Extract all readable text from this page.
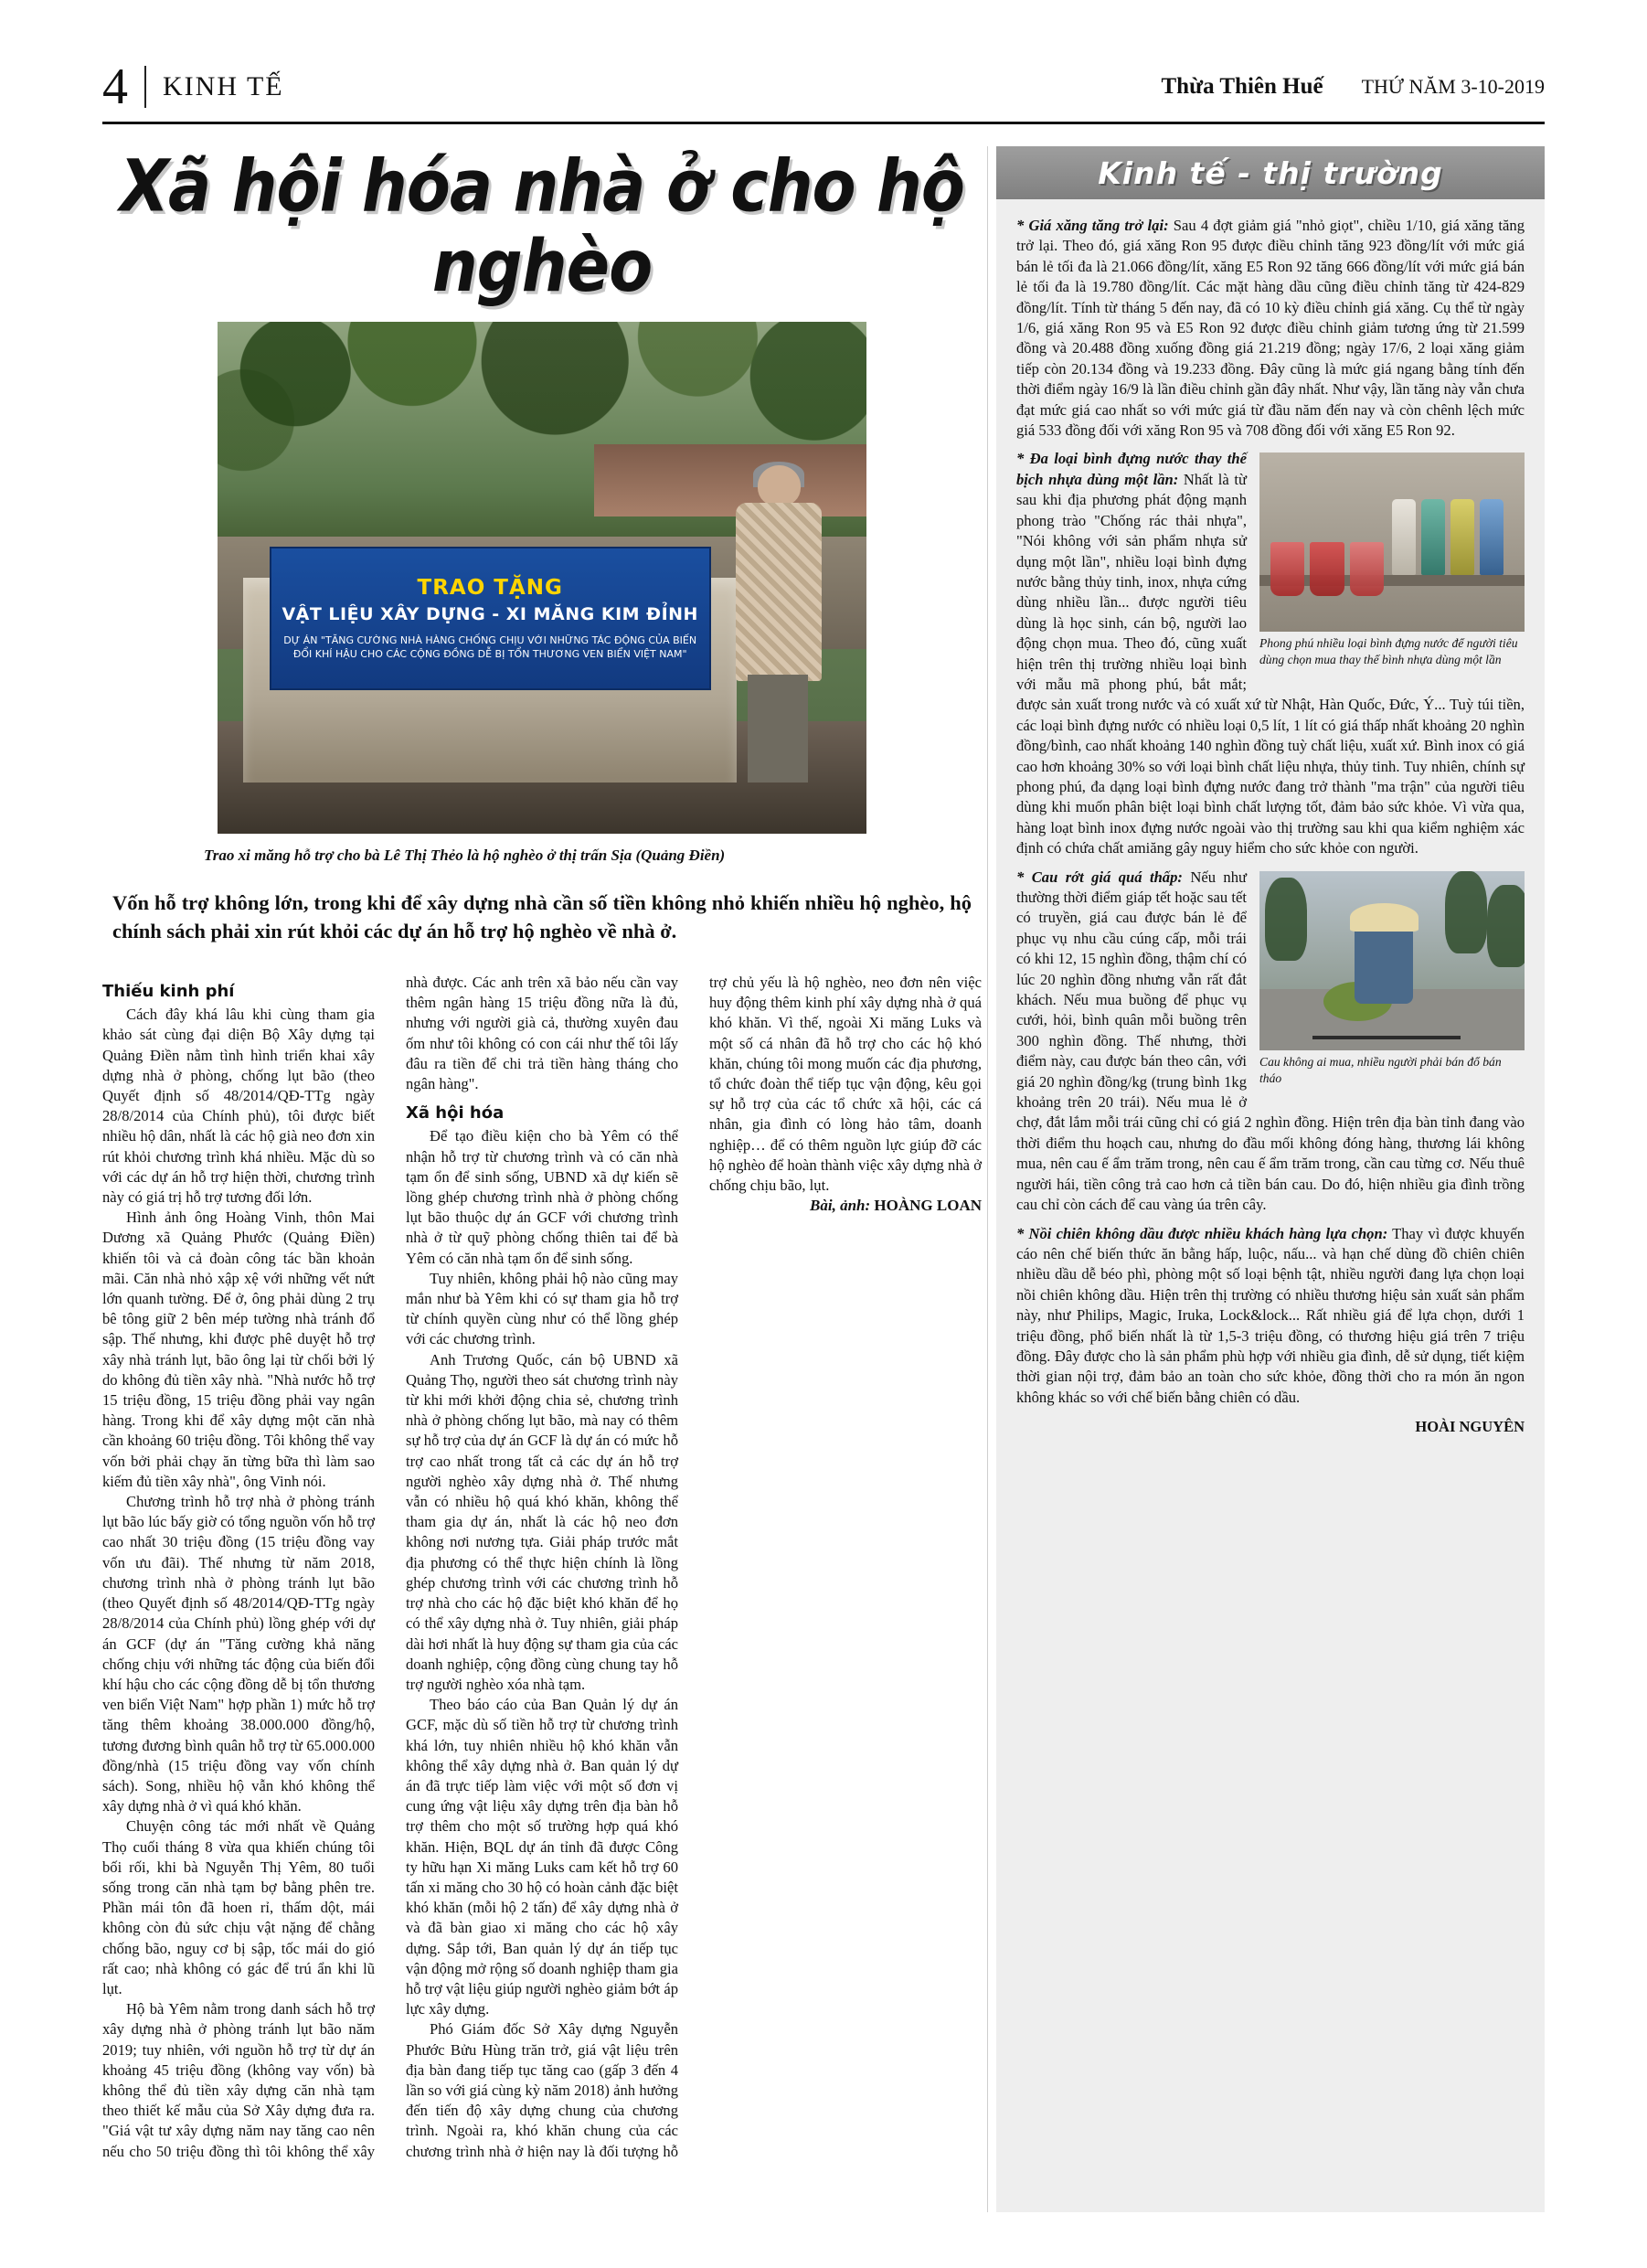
4	KINH TẾ	Thừa Thiên Huế THỨ NĂM 3-10-2019
Xã hội hóa nhà ở cho hộ nghèo
TRAO TẶNG
VẬT LIỆU XÂY DỰNG - XI MĂNG KIM ĐỈNH
DỰ ÁN "TĂNG CƯỜNG NHÀ HÀNG CHỐNG CHỊU VỚI NHỮNG TÁC ĐỘNG CỦA BIẾN ĐỔI KHÍ HẬU CHO CÁC CỘNG ĐỒNG DỄ BỊ TỔN THƯƠNG VEN BIỂN VIỆT NAM"
Trao xi măng hỗ trợ cho bà Lê Thị Thẻo là hộ nghèo ở thị trấn Sịa (Quảng Điền)
Vốn hỗ trợ không lớn, trong khi để xây dựng nhà cần số tiền không nhỏ khiến nhiều hộ nghèo, hộ chính sách phải xin rút khỏi các dự án hỗ trợ hộ nghèo về nhà ở.
Thiếu kinh phí

Cách đây khá lâu khi cùng tham gia khảo sát cùng đại diện Bộ Xây dựng tại Quảng Điền nằm tình hình triển khai xây dựng nhà ở phòng, chống lụt bão (theo Quyết định số 48/2014/QĐ-TTg ngày 28/8/2014 của Chính phủ), tôi được biết nhiều hộ dân, nhất là các hộ già neo đơn xin rút khỏi chương trình khá nhiều. Mặc dù so với các dự án hỗ trợ hiện thời, chương trình này có giá trị hỗ trợ tương đối lớn.

Hình ảnh ông Hoàng Vinh, thôn Mai Dương xã Quảng Phước (Quảng Điền) khiến tôi và cả đoàn công tác bần khoản mãi. Căn nhà nhỏ xập xệ với những vết nứt lớn quanh tường. Để ở, ông phải dùng 2 trụ bê tông giữ 2 bên mép tường nhà tránh đổ sập. Thế nhưng, khi được phê duyệt hỗ trợ xây nhà tránh lụt, bão ông lại từ chối bởi lý do không đủ tiền xây nhà. "Nhà nước hỗ trợ 15 triệu đồng, 15 triệu đồng phải vay ngân hàng. Trong khi để xây dựng một căn nhà cần khoảng 60 triệu đồng. Tôi không thể vay vốn bởi phải chạy ăn từng bữa thì làm sao kiếm đủ tiền xây nhà", ông Vinh nói.

Chương trình hỗ trợ nhà ở phòng tránh lụt bão lúc bấy giờ có tổng nguồn vốn hỗ trợ cao nhất 30 triệu đồng (15 triệu đồng vay vốn ưu đãi). Thế nhưng từ năm 2018, chương trình nhà ở phòng tránh lụt bão (theo Quyết định số 48/2014/QĐ-TTg ngày 28/8/2014 của Chính phủ) lồng ghép với dự án GCF (dự án "Tăng cường khả năng chống chịu với những tác động của biến đổi khí hậu cho các cộng đồng dễ bị tổn thương ven biển Việt Nam" hợp phần 1) mức hỗ trợ tăng thêm khoảng 38.000.000 đồng/hộ, tương đương bình quân hỗ trợ từ 65.000.000 đồng/nhà (15 triệu đồng vay vốn chính sách). Song, nhiều hộ vẫn khó không thể xây dựng nhà ở vì quá khó khăn.

Chuyện công tác mới nhất về Quảng Thọ cuối tháng 8 vừa qua khiến chúng tôi bối rối, khi bà Nguyễn Thị Yêm, 80 tuổi sống trong căn nhà tạm bợ bằng phên tre. Phần mái tôn đã hoen rỉ, thấm dột, mái không còn đủ sức chịu vật nặng để chằng chống bão, nguy cơ bị sập, tốc mái do gió rất cao; nhà không có gác để trú ẩn khi lũ lụt.

Hộ bà Yêm nằm trong danh sách hỗ trợ xây dựng nhà ở phòng tránh lụt bão năm 2019; tuy nhiên, với nguồn hỗ trợ từ dự án khoảng 45 triệu đồng (không vay vốn) bà không thể đủ tiền xây dựng căn nhà tạm theo thiết kế mẫu của Sở Xây dựng đưa ra. "Giá vật tư xây dựng năm nay tăng cao nên nếu cho 50 triệu đồng thì tôi không thể xây nhà được. Các anh trên xã bảo nếu cần vay thêm ngân hàng 15 triệu đồng nữa là đủ, nhưng với người già cả, thường xuyên đau ốm như tôi không có con cái như thế tôi lấy đâu ra tiền để chi trả tiền hàng tháng cho ngân hàng".

Xã hội hóa

Để tạo điều kiện cho bà Yêm có thể nhận hỗ trợ từ chương trình và có căn nhà tạm ổn để sinh sống, UBND xã dự kiến sẽ lồng ghép chương trình nhà ở phòng chống lụt bão thuộc dự án GCF với chương trình nhà ở từ quỹ phòng chống thiên tai để bà Yêm có căn nhà tạm ổn để sinh sống.

Tuy nhiên, không phải hộ nào cũng may mắn như bà Yêm khi có sự tham gia hỗ trợ từ chính quyền cùng như có thể lồng ghép với các chương trình.

Anh Trương Quốc, cán bộ UBND xã Quảng Thọ, người theo sát chương trình này từ khi mới khởi động chia sẻ, chương trình nhà ở phòng chống lụt bão, mà nay có thêm sự hỗ trợ của dự án GCF là dự án có mức hỗ trợ cao nhất trong tất cả các dự án hỗ trợ người nghèo xây dựng nhà ở. Thế nhưng vẫn có nhiều hộ quá khó khăn, không thể tham gia dự án, nhất là các hộ neo đơn không nơi nương tựa. Giải pháp trước mắt địa phương có thể thực hiện chính là lồng ghép chương trình với các chương trình hỗ trợ nhà cho các hộ đặc biệt khó khăn để họ có thể xây dựng nhà ở. Tuy nhiên, giải pháp dài hơi nhất là huy động sự tham gia của các doanh nghiệp, cộng đồng cùng chung tay hỗ trợ người nghèo xóa nhà tạm.

Theo báo cáo của Ban Quản lý dự án GCF, mặc dù số tiền hỗ trợ từ chương trình khá lớn, tuy nhiên nhiều hộ khó khăn vẫn không thể xây dựng nhà ở. Ban quản lý dự án đã trực tiếp làm việc với một số đơn vị cung ứng vật liệu xây dựng trên địa bàn hỗ trợ thêm cho một số trường hợp quá khó khăn. Hiện, BQL dự án tỉnh đã được Công ty hữu hạn Xi măng Luks cam kết hỗ trợ 60 tấn xi măng cho 30 hộ có hoàn cảnh đặc biệt khó khăn (mỗi hộ 2 tấn) để xây dựng nhà ở và đã bàn giao xi măng cho các hộ xây dựng. Sắp tới, Ban quản lý dự án tiếp tục vận động mở rộng số doanh nghiệp tham gia hỗ trợ vật liệu giúp người nghèo giảm bớt áp lực xây dựng.

Phó Giám đốc Sở Xây dựng Nguyễn Phước Bửu Hùng trăn trở, giá vật liệu trên địa bàn đang tiếp tục tăng cao (gấp 3 đến 4 lần so với giá cùng kỳ năm 2018) ảnh hưởng đến tiến độ xây dựng chung của chương trình. Ngoài ra, khó khăn chung của các chương trình nhà ở hiện nay là đối tượng hỗ trợ chủ yếu là hộ nghèo, neo đơn nên việc huy động thêm kinh phí xây dựng nhà ở quá khó khăn. Vì thế, ngoài Xi măng Luks và một số cá nhân đã hỗ trợ cho các hộ khó khăn, chúng tôi mong muốn các địa phương, tổ chức đoàn thể tiếp tục vận động, kêu gọi sự hỗ trợ của các tổ chức xã hội, các cá nhân, gia đình có lòng hảo tâm, doanh nghiệp… để có thêm nguồn lực giúp đỡ các hộ nghèo để hoàn thành việc xây dựng nhà ở chống chịu bão, lụt.

Bài, ảnh: HOÀNG LOAN

Kinh tế - thị trường

* Giá xăng tăng trở lại: Sau 4 đợt giảm giá "nhỏ giọt", chiều 1/10, giá xăng tăng trở lại. Theo đó, giá xăng Ron 95 được điều chỉnh tăng 923 đồng/lít với mức giá bán lẻ tối đa là 21.066 đồng/lít, xăng E5 Ron 92 tăng 666 đồng/lít với mức giá bán lẻ tối đa là 19.780 đồng/lít. Các mặt hàng dầu cũng điều chỉnh tăng từ 424-829 đồng/lít. Tính từ tháng 5 đến nay, đã có 10 kỳ điều chỉnh giá xăng. Cụ thể từ ngày 1/6, giá xăng Ron 95 và E5 Ron 92 được điều chỉnh giảm tương ứng từ 21.599 đồng và 20.488 đồng xuống đồng giá 21.219 đồng; ngày 17/6, 2 loại xăng giảm tiếp còn 20.134 đồng và 19.233 đồng. Đây cũng là mức giá ngang bằng tính đến thời điểm ngày 16/9 là lần điều chỉnh gần đây nhất. Như vậy, lần tăng này vẫn chưa đạt mức giá cao nhất so với mức giá từ đầu năm đến nay và còn chênh lệch mức giá 533 đồng đối với xăng Ron 95 và 708 đồng đối với xăng E5 Ron 92.

Phong phú nhiều loại bình đựng nước để người tiêu dùng chọn mua thay thế bình nhựa dùng một lần

* Đa loại bình đựng nước thay thế bịch nhựa dùng một lần: Nhất là từ sau khi địa phương phát động mạnh phong trào "Chống rác thải nhựa", "Nói không với sản phẩm nhựa sử dụng một lần", nhiều loại bình đựng nước bằng thủy tinh, inox, nhựa cứng dùng nhiều lần... được người tiêu dùng là học sinh, cán bộ, người lao động chọn mua. Theo đó, cũng xuất hiện trên thị trường nhiều loại bình với mẫu mã phong phú, bắt mắt; được sản xuất trong nước và có xuất xứ từ Nhật, Hàn Quốc, Đức, Ý... Tuỳ túi tiền, các loại bình đựng nước có nhiều loại 0,5 lít, 1 lít có giá thấp nhất khoảng 20 nghìn đồng/bình, cao nhất khoảng 140 nghìn đồng tuỳ chất liệu, xuất xứ. Bình inox có giá cao hơn khoảng 30% so với loại bình chất liệu nhựa, thủy tinh. Tuy nhiên, chính sự phong phú, đa dạng loại bình đựng nước đang trở thành "ma trận" của người tiêu dùng khi muốn phân biệt loại bình chất lượng tốt, đảm bảo sức khỏe. Vì vừa qua, hàng loạt bình inox đựng nước ngoài vào thị trường sau khi qua kiểm nghiệm xác định có chứa chất amiăng gây nguy hiểm cho sức khỏe con người.

Cau không ai mua, nhiều người phải bán đổ bán tháo

* Cau rớt giá quá thấp: Nếu như thường thời điểm giáp tết hoặc sau tết có truyền, giá cau được bán lẻ để phục vụ nhu cầu cúng cấp, mỗi trái có khi 12, 15 nghìn đồng, thậm chí có lúc 20 nghìn đồng nhưng vẫn rất đắt khách. Nếu mua buồng để phục vụ cưới, hỏi, bình quân mỗi buồng trên 300 nghìn đồng. Thế nhưng, thời điểm này, cau được bán theo cân, với giá 20 nghìn đồng/kg (trung bình 1kg khoảng trên 20 trái). Nếu mua lẻ ở chợ, đắt lắm mỗi trái cũng chỉ có giá 2 nghìn đồng. Hiện trên địa bàn tỉnh đang vào thời điểm thu hoạch cau, nhưng do đầu mối không đóng hàng, thương lái không mua, nên cau ế ẩm trăm trong, nên cau ế ẩm trăm trong, cần cau từng cơ. Nếu thuê người hái, tiền công trả cao hơn cả tiền bán cau. Do đó, hiện nhiều gia đình trồng cau chỉ còn cách để cau vàng úa trên cây.

* Nồi chiên không dầu được nhiều khách hàng lựa chọn: Thay vì được khuyến cáo nên chế biến thức ăn bằng hấp, luộc, nấu... và hạn chế dùng đồ chiên chiên nhiều dầu dễ béo phì, phòng một số loại bệnh tật, nhiều người đang lựa chọn loại nồi chiên không dầu. Hiện trên thị trường có nhiều thương hiệu sản xuất sản phẩm này, như Philips, Magic, Iruka, Lock&lock... Rất nhiều giá để lựa chọn, dưới 1 triệu đồng, phổ biến nhất là từ 1,5-3 triệu đồng, có thương hiệu giá trên 7 triệu đồng. Đây được cho là sản phẩm phù hợp với nhiều gia đình, dễ sử dụng, tiết kiệm thời gian nội trợ, đảm bảo an toàn cho sức khỏe, đồng thời cho ra món ăn ngon không khác so với chế biến bằng chiên có dầu.

HOÀI NGUYÊN
